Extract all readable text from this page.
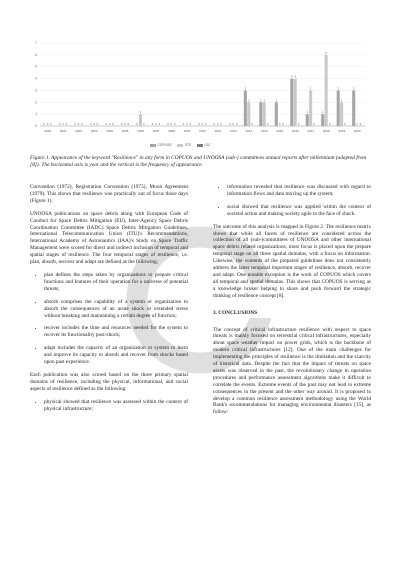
0
1
2
3
4
5
6
7
2000
0 0 0
2001
0 0 0
2002
0 0 0
2003
0 0 0
2004
0 0 0
2005
0 0 0
2006
0
1
0
2007
0 0 0
2008
0 0 0
2009
0 0 0
2010
0 0 0
2011
0 0 0
2012
0 0 0
2013
3
2
0
2014
2 2
0
2015
2
0 0
2016
4 4
0
2017
1
3
0
2018
1
6
0
2019
3
2
0
2020
3
0 0
COPUOS	STS	LSC
Figure 1. Appearance of the keyword "Resilience" in any form in COPUOS and UNOOSA (sub-) committees annual reports after millennium (adapted from [8]). The horizontal axis is year and the vertical is the frequency of appearance.

Convention (1972), Registration Convention (1975), Moon Agreement (1979). This shows that resilience was practically out of focus those days (Figure 1).

UNOOSA publications on space debris along with European Code of Conduct for Space Debris Mitigation (EU), Inter-Agency Space Debris Coordination Committee (IADC) Space Debris Mitigation Guidelines, International Telecommunication Union (ITU)'s Recommendations, International Academy of Astronautics (IAA)'s Study on Space Traffic Management were scored for direct and indirect inclusion of temporal and spatial stages of resilience. The four temporal stages of resilience, i.e. plan, absorb, recover and adapt are defined as the following;

• plan defines the steps taken by organizations to prepare critical functions and features of their operation for a universe of potential threats;
• absorb comprises the capability of a system or organization to absorb the consequences of an acute shock or extended stress without breaking and maintaining a certain degree of function;
• recover includes the time and resources needed for the system to recover its functionality post-shock;
• adapt includes the capacity of an organization or system to learn and improve its capacity to absorb and recover from shocks based upon past experience.

Each publication was also scored based on the three primary spatial domains of resilience, including the physical, informational, and social aspects of resilience defined as the following:

• physical showed that resilience was assessed within the context of physical infrastructure;
• information revealed that resilience was discussed with regard to information flows and data moving up the system;
• social showed that resilience was applied within the context of societal action and making society agile in the face of shock.

The outcome of this analysis is mapped in Figure 2. The resilience matrix shows that while all facets of resilience are considered across the collection of all (sub-)committees of UNOOSA and other international space debris related organizations, most focus is placed upon the prepare temporal stage on all three spatial domains, with a focus on information. Likewise, the contents of the prepared guidelines does not consistently address the latter temporal important stages of resilience, absorb, recover and adapt. One notable exception is the work of COPUOS which covers all temporal and spatial domains. This shows that COPUOS is serving as a knowledge broker helping to share and push forward the strategic thinking of resilience concept [8].

3. CONCLUSIONS

The concept of critical infrastructure resilience with respect to space threats is mainly focused on terrestrial critical infrastructures, especially about space weather impact on power grids, which is the backbone of modern critical infrastructures [12]. One of the main challenges for implementing the principles of resilience is the limitation and the scarcity of historical data. Despite the fact that the impact of threats on space assets was observed in the past, the revolutionary change in operation procedures and performance assessment algorithms make it difficult to correlate the events. Extreme events of the past may not lead to extreme consequences in the present and the other way around. It is proposed to develop a common resilience assessment methodology using the World Bank's recommendations for managing environmental disasters [15], as follow:
